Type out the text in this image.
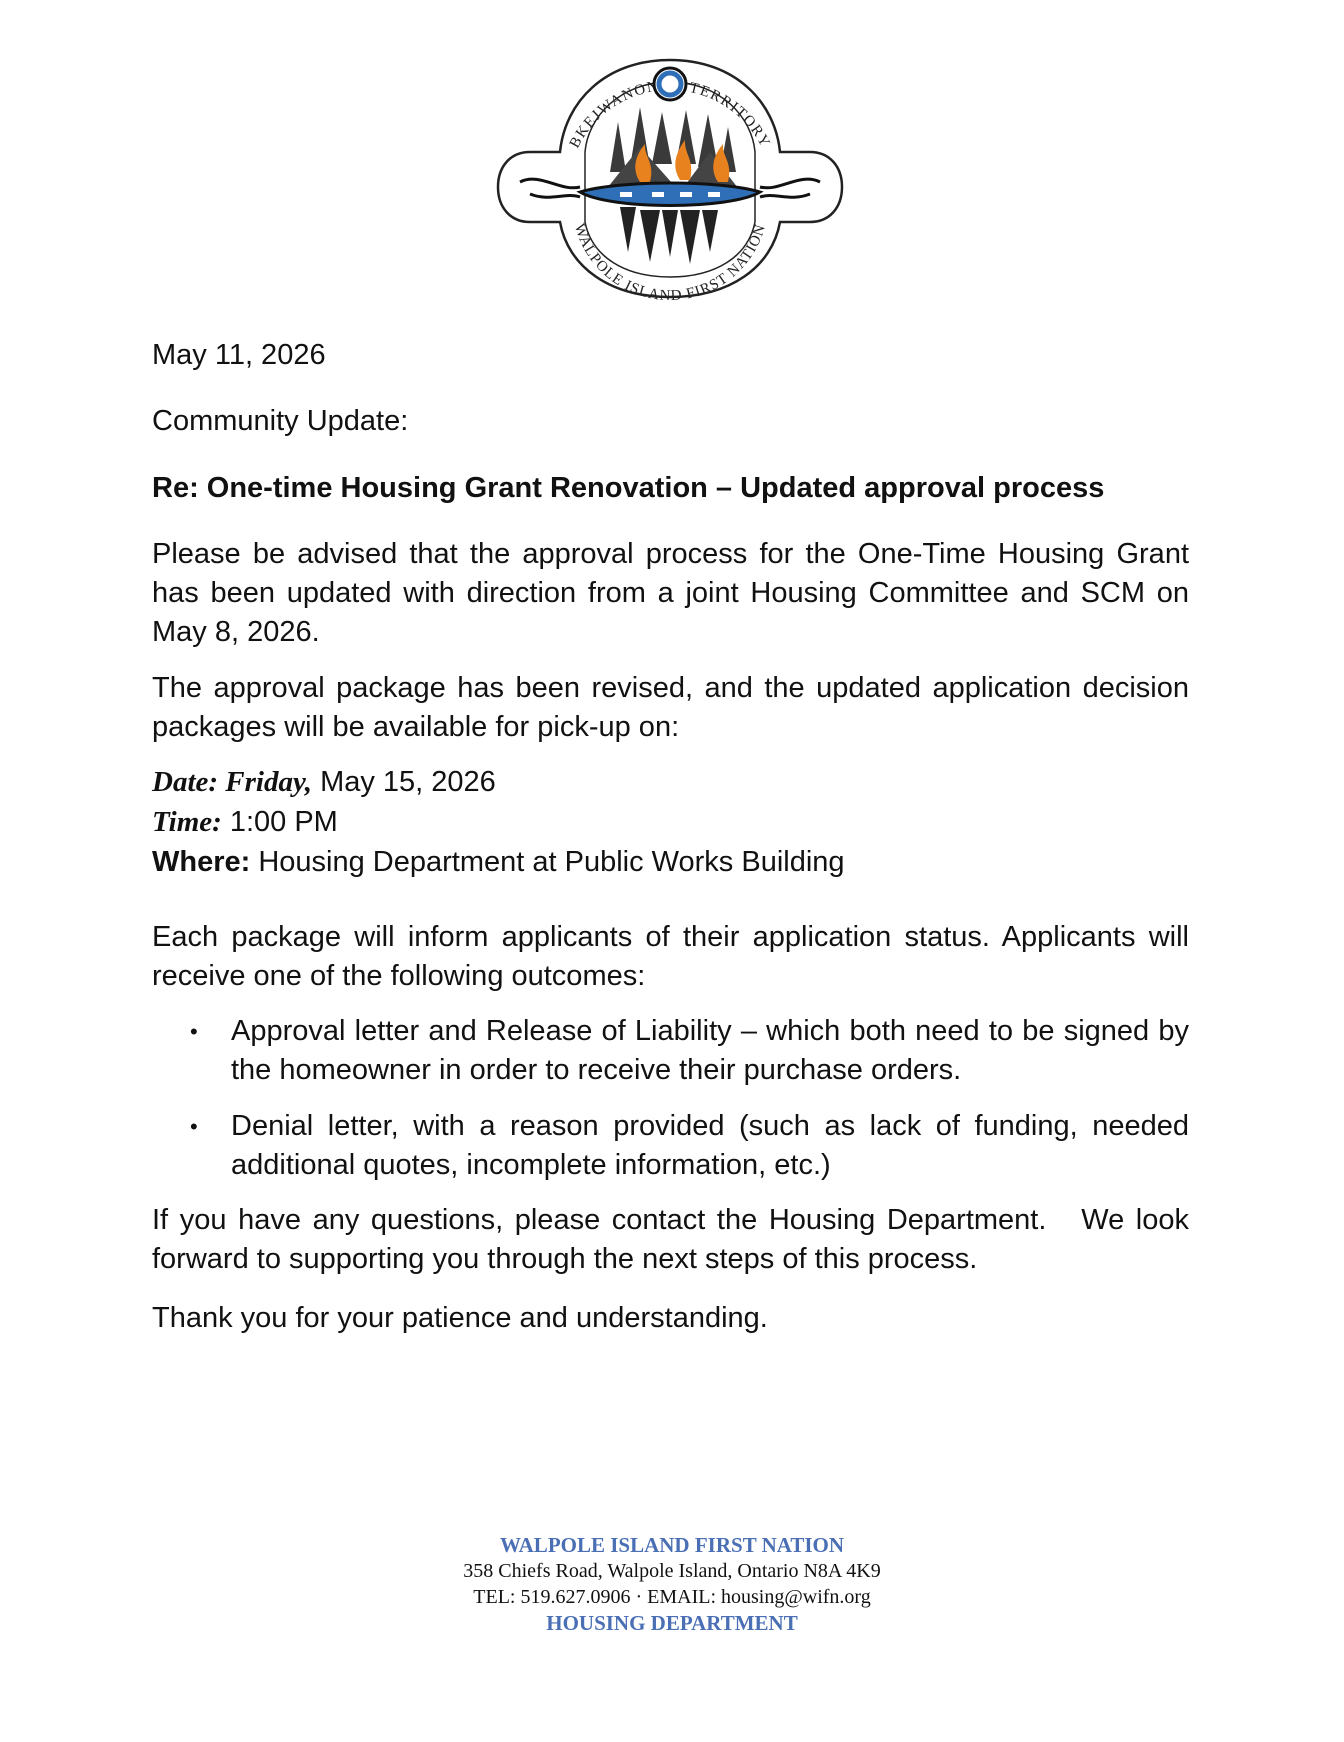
BKEJWANO TERRITORY
WALPOLE ISLAND FIRST NATION
May 11, 2026
Community Update:
Re: One-time Housing Grant Renovation – Updated approval process

Please be advised that the approval process for the One-Time Housing Grant has been updated with direction from a joint Housing Committee and SCM on May 8, 2026.

The approval package has been revised, and the updated application decision packages will be available for pick-up on:

Date: Friday, May 15, 2026
Time: 1:00 PM
Where: Housing Department at Public Works Building

Each package will inform applicants of their application status. Applicants will receive one of the following outcomes:

• Approval letter and Release of Liability – which both need to be signed by the homeowner in order to receive their purchase orders.
• Denial letter, with a reason provided (such as lack of funding, needed additional quotes, incomplete information, etc.)

If you have any questions, please contact the Housing Department.   We look forward to supporting you through the next steps of this process.

Thank you for your patience and understanding.

WALPOLE ISLAND FIRST NATION
358 Chiefs Road, Walpole Island, Ontario N8A 4K9
TEL: 519.627.0906 · EMAIL: housing@wifn.org
HOUSING DEPARTMENT
